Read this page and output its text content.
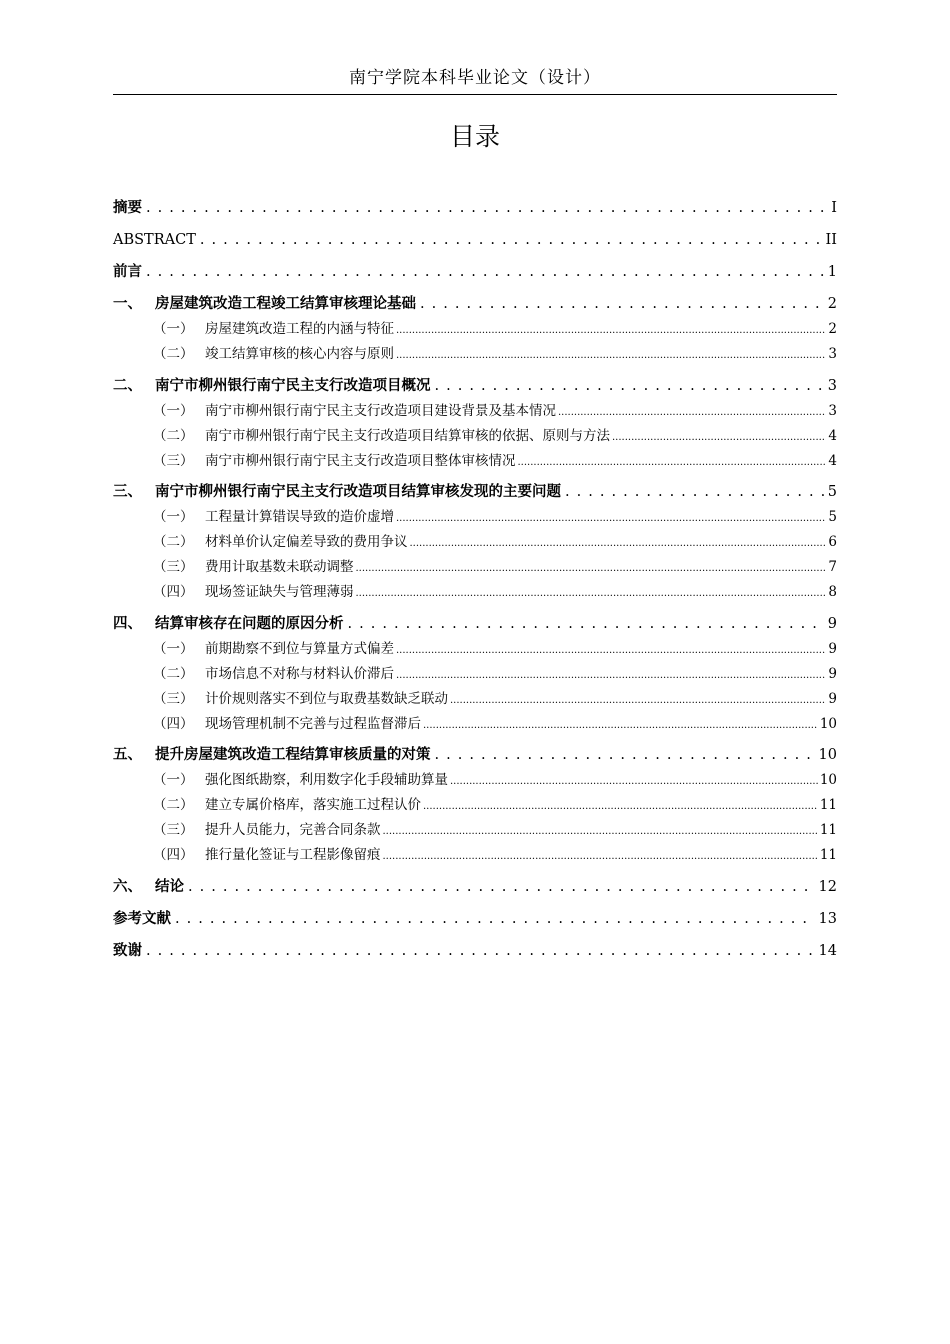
南宁学院本科毕业论文（设计）
目录
摘要 . . .	I
ABSTRACT . . .	II
前言 . . .	1
一、 房屋建筑改造工程竣工结算审核理论基础 . . .	2
（一） 房屋建筑改造工程的内涵与特征 .....	2
（二） 竣工结算审核的核心内容与原则 .....	3
二、 南宁市柳州银行南宁民主支行改造项目概况 . . .	3
（一） 南宁市柳州银行南宁民主支行改造项目建设背景及基本情况 .....	3
（二） 南宁市柳州银行南宁民主支行改造项目结算审核的依据、原则与方法 .....	4
（三） 南宁市柳州银行南宁民主支行改造项目整体审核情况 .....	4
三、 南宁市柳州银行南宁民主支行改造项目结算审核发现的主要问题 . . .	5
（一） 工程量计算错误导致的造价虚增 .....	5
（二） 材料单价认定偏差导致的费用争议 .....	6
（三） 费用计取基数未联动调整 .....	7
（四） 现场签证缺失与管理薄弱 .....	8
四、 结算审核存在问题的原因分析 . . .	9
（一） 前期勘察不到位与算量方式偏差 .....	9
（二） 市场信息不对称与材料认价滞后 .....	9
（三） 计价规则落实不到位与取费基数缺乏联动 .....	9
（四） 现场管理机制不完善与过程监督滞后 .....	10
五、 提升房屋建筑改造工程结算审核质量的对策 . . .	10
（一） 强化图纸勘察，利用数字化手段辅助算量 .....	10
（二） 建立专属价格库，落实施工过程认价 .....	11
（三） 提升人员能力，完善合同条款 .....	11
（四） 推行量化签证与工程影像留痕 .....	11
六、 结论 . . .	12
参考文献 . . .	13
致谢 . . .	14
